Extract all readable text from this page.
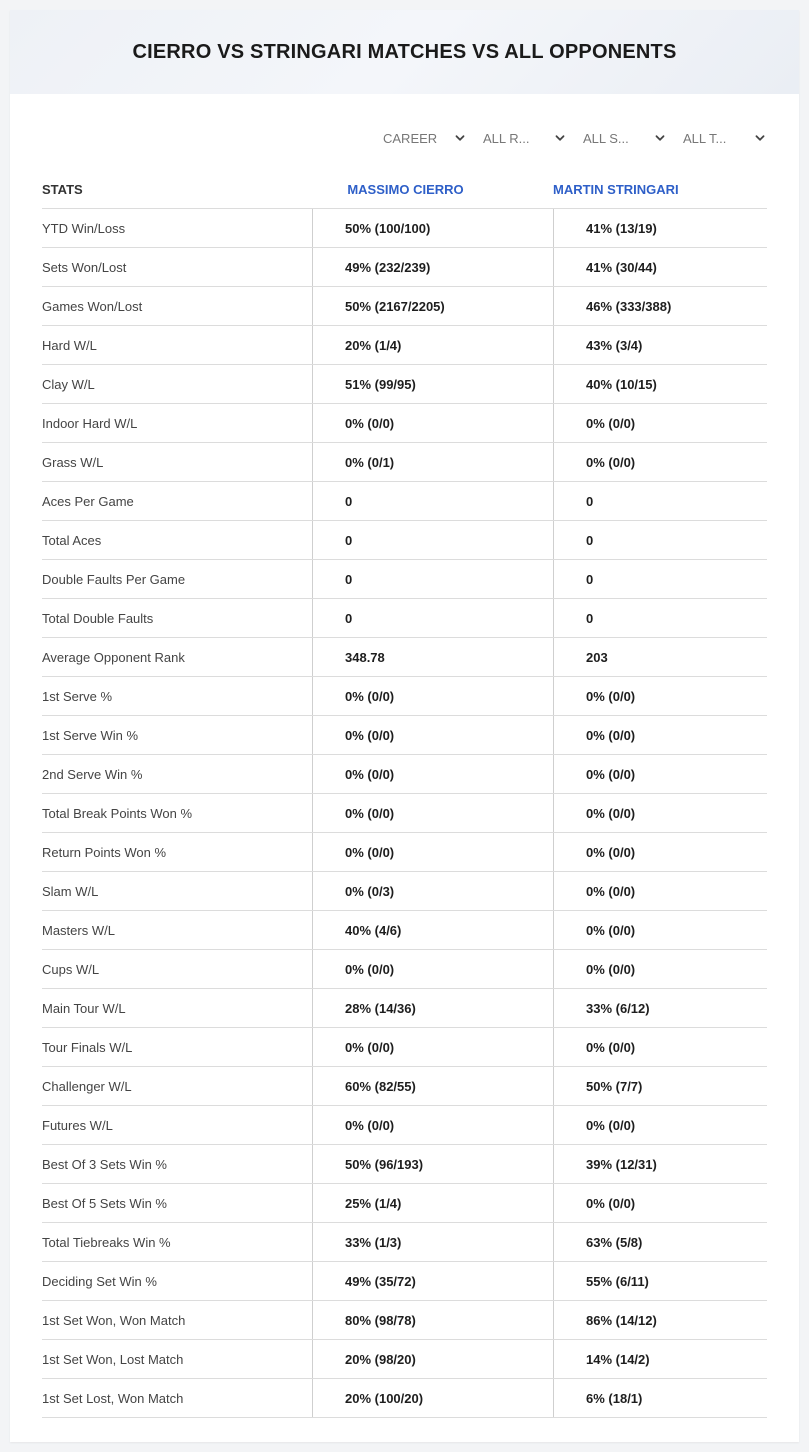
CIERRO VS STRINGARI MATCHES VS ALL OPPONENTS
CAREER	ALL R...	ALL S...	ALL T...
STATS	MASSIMO CIERRO	MARTIN STRINGARI
YTD Win/Loss	50% (100/100)	41% (13/19)
Sets Won/Lost	49% (232/239)	41% (30/44)
Games Won/Lost	50% (2167/2205)	46% (333/388)
Hard W/L	20% (1/4)	43% (3/4)
Clay W/L	51% (99/95)	40% (10/15)
Indoor Hard W/L	0% (0/0)	0% (0/0)
Grass W/L	0% (0/1)	0% (0/0)
Aces Per Game	0	0
Total Aces	0	0
Double Faults Per Game	0	0
Total Double Faults	0	0
Average Opponent Rank	348.78	203
1st Serve %	0% (0/0)	0% (0/0)
1st Serve Win %	0% (0/0)	0% (0/0)
2nd Serve Win %	0% (0/0)	0% (0/0)
Total Break Points Won %	0% (0/0)	0% (0/0)
Return Points Won %	0% (0/0)	0% (0/0)
Slam W/L	0% (0/3)	0% (0/0)
Masters W/L	40% (4/6)	0% (0/0)
Cups W/L	0% (0/0)	0% (0/0)
Main Tour W/L	28% (14/36)	33% (6/12)
Tour Finals W/L	0% (0/0)	0% (0/0)
Challenger W/L	60% (82/55)	50% (7/7)
Futures W/L	0% (0/0)	0% (0/0)
Best Of 3 Sets Win %	50% (96/193)	39% (12/31)
Best Of 5 Sets Win %	25% (1/4)	0% (0/0)
Total Tiebreaks Win %	33% (1/3)	63% (5/8)
Deciding Set Win %	49% (35/72)	55% (6/11)
1st Set Won, Won Match	80% (98/78)	86% (14/12)
1st Set Won, Lost Match	20% (98/20)	14% (14/2)
1st Set Lost, Won Match	20% (100/20)	6% (18/1)
